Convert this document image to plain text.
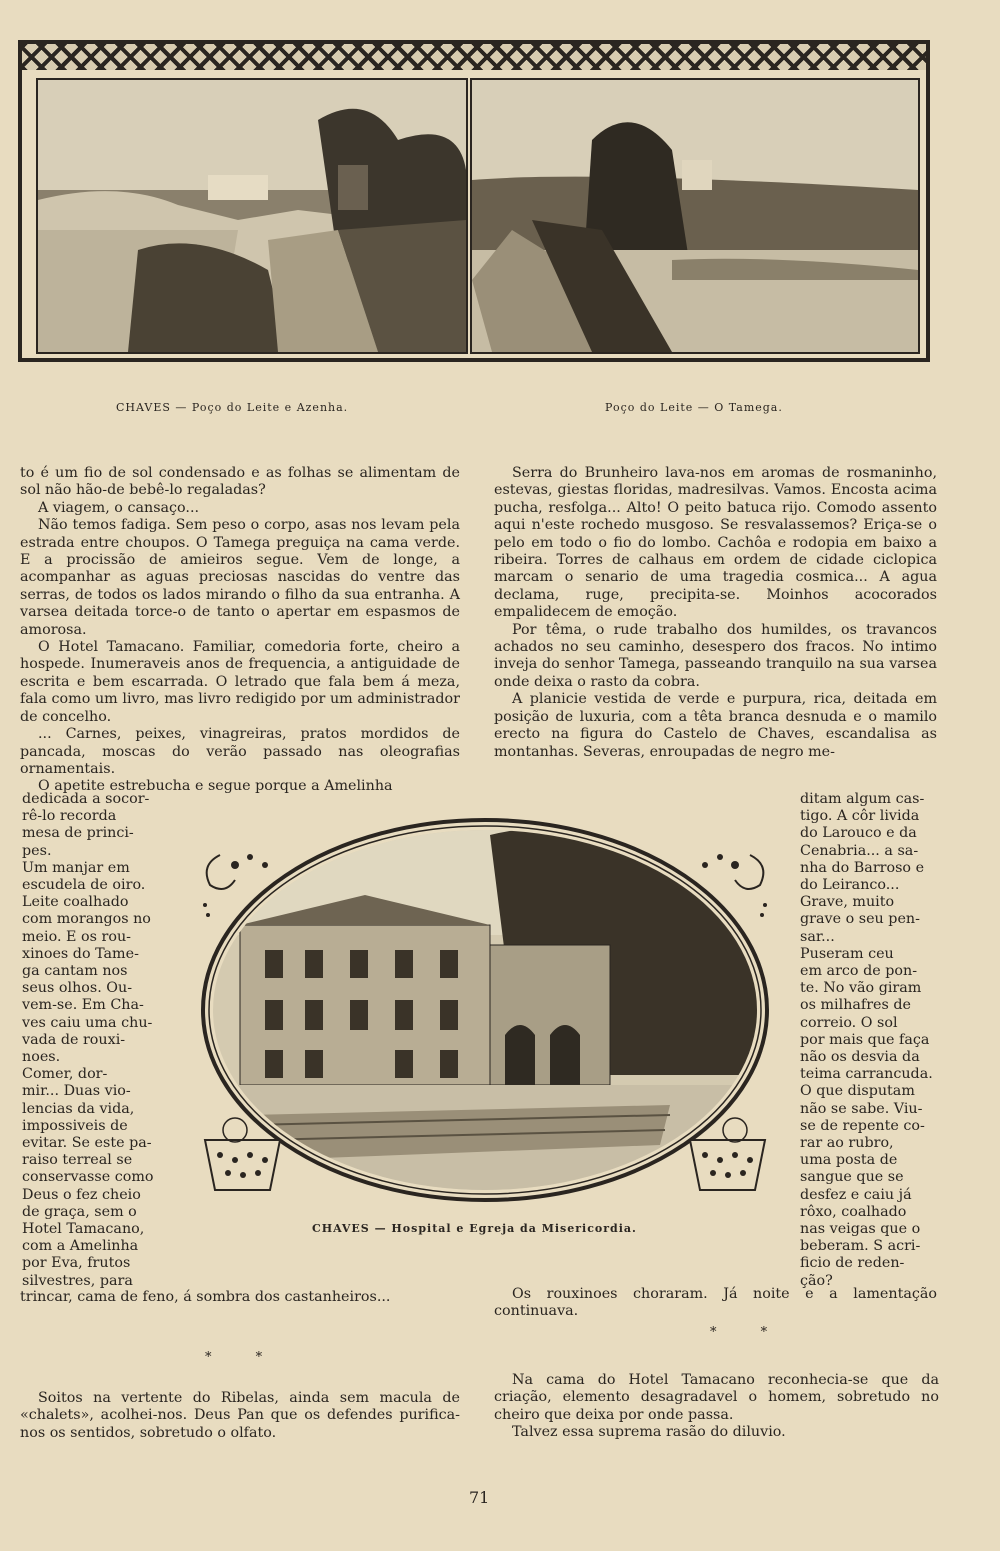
CHAVES — Poço do Leite e Azenha.	Poço do Leite — O Tamega.

to é um fio de sol condensado e as folhas se alimentam de sol não hão-de bebê-lo regaladas?

A viagem, o cansaço...

Não temos fadiga. Sem peso o corpo, asas nos levam pela estrada entre choupos. O Tamega preguiça na cama verde. E a procissão de amieiros segue. Vem de longe, a acompanhar as aguas preciosas nascidas do ventre das serras, de todos os lados mirando o filho da sua entranha. A varsea deitada torce-o de tanto o apertar em espasmos de amorosa.

O Hotel Tamacano. Familiar, comedoria forte, cheiro a hospede. Inumeraveis anos de frequencia, a antiguidade de escrita e bem escarrada. O letrado que fala bem á meza, fala como um livro, mas livro redigido por um administrador de concelho.

... Carnes, peixes, vinagreiras, pratos mordidos de pancada, moscas do verão passado nas oleografias ornamentais.

O apetite estrebucha e segue porque a Amelinha

Serra do Brunheiro lava-nos em aromas de rosmaninho, estevas, giestas floridas, madresilvas. Vamos. Encosta acima pucha, resfolga... Alto! O peito batuca rijo. Comodo assento aqui n'este rochedo musgoso. Se resvalassemos? Eriça-se o pelo em todo o fio do lombo. Cachôa e rodopia em baixo a ribeira. Torres de calhaus em ordem de cidade ciclopica marcam o senario de uma tragedia cosmica... A agua declama, ruge, precipita-se. Moinhos acocorados empalidecem de emoção.

Por têma, o rude trabalho dos humildes, os travancos achados no seu caminho, desespero dos fracos. No intimo inveja do senhor Tamega, passeando tranquilo na sua varsea onde deixa o rasto da cobra.

A planicie vestida de verde e purpura, rica, deitada em posição de luxuria, com a têta branca desnuda e o mamilo erecto na figura do Castelo de Chaves, escandalisa as montanhas. Severas, enroupadas de negro me-

dedicada a socor-
rê-lo recorda
mesa de princi-
pes.
Um manjar em
escudela de oiro.
Leite coalhado
com morangos no
meio. E os rou-
xinoes do Tame-
ga cantam nos
seus olhos. Ou-
vem-se. Em Cha-
ves caiu uma chu-
vada de rouxi-
noes.
Comer, dor-
mir... Duas vio-
lencias da vida,
impossiveis de
evitar. Se este pa-
raiso terreal se
conservasse como
Deus o fez cheio
de graça, sem o
Hotel Tamacano,
com a Amelinha
por Eva, frutos
silvestres, para
ditam algum cas-
tigo. A côr livida
do Larouco e da
Cenabria... a sa-
nha do Barroso e
do Leiranco...
Grave, muito
grave o seu pen-
sar...
Puseram ceu
em arco de pon-
te. No vão giram
os milhafres de
correio. O sol
por mais que faça
não os desvia da
teima carrancuda.
O que disputam
não se sabe. Viu-
se de repente co-
rar ao rubro,
uma posta de
sangue que se
desfez e caiu já
rôxo, coalhado
nas veigas que o
beberam. S acri-
ficio de reden-
ção?
CHAVES — Hospital e Egreja da Misericordia.
trincar, cama de feno, á sombra dos castanheiros...	Os rouxinoes choraram. Já noite e a lamentação continuava.

* *
* *

Soitos na vertente do Ribelas, ainda sem macula de «chalets», acolhei-nos. Deus Pan que os defendes purifica-nos os sentidos, sobretudo o olfato.

Na cama do Hotel Tamacano reconhecia-se que da criação, elemento desagradavel o homem, sobretudo no cheiro que deixa por onde passa.

Talvez essa suprema rasão do diluvio.

71
